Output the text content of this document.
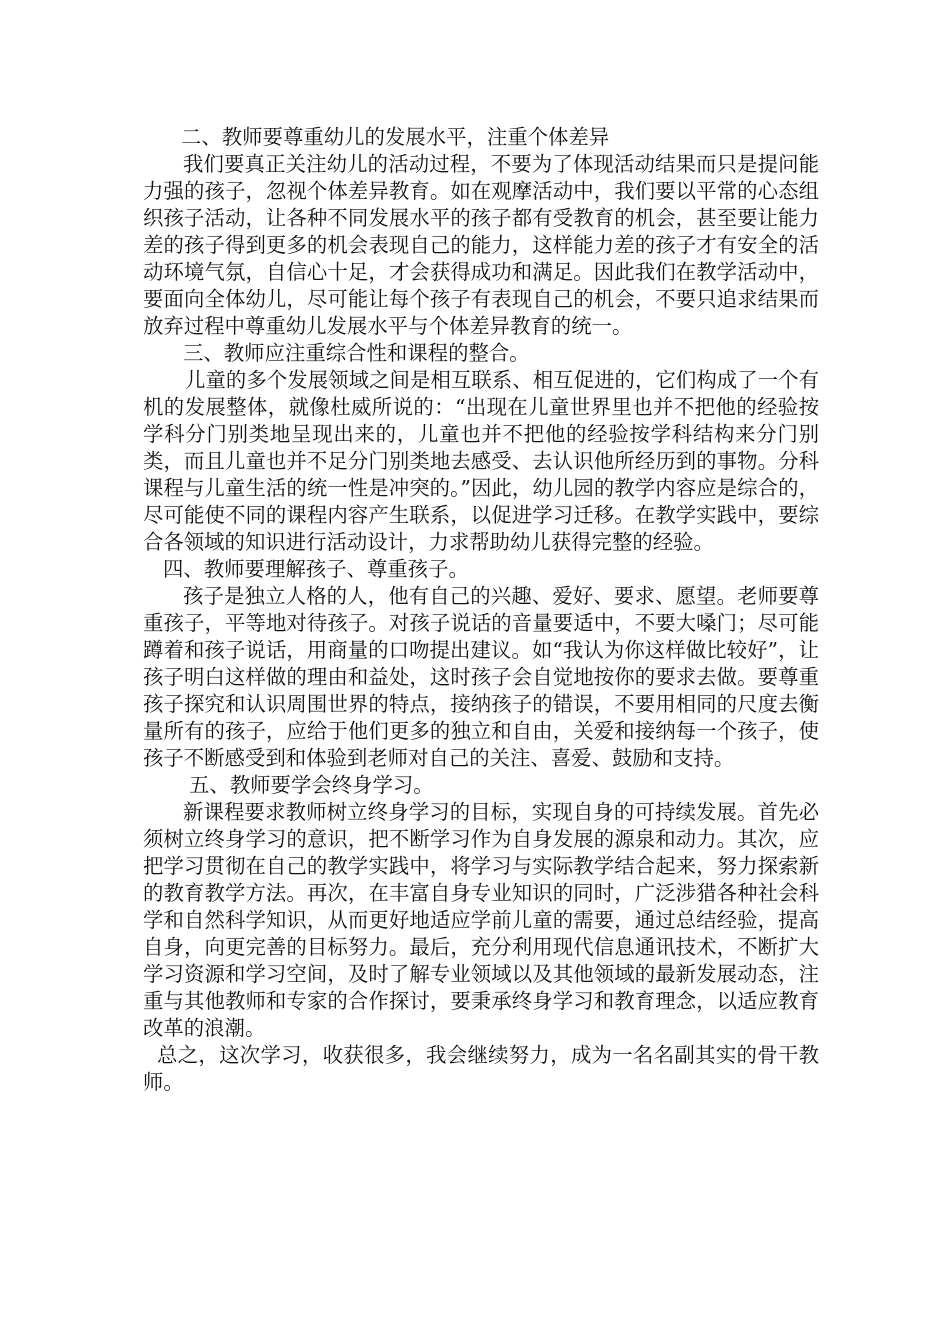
二、教师要尊重幼儿的发展水平，注重个体差异

我们要真正关注幼儿的活动过程，不要为了体现活动结果而只是提问能力强的孩子，忽视个体差异教育。如在观摩活动中，我们要以平常的心态组织孩子活动，让各种不同发展水平的孩子都有受教育的机会，甚至要让能力差的孩子得到更多的机会表现自己的能力，这样能力差的孩子才有安全的活动环境气氛，自信心十足，才会获得成功和满足。因此我们在教学活动中，要面向全体幼儿，尽可能让每个孩子有表现自己的机会，不要只追求结果而放弃过程中尊重幼儿发展水平与个体差异教育的统一。

三、教师应注重综合性和课程的整合。

儿童的多个发展领域之间是相互联系、相互促进的，它们构成了一个有机的发展整体，就像杜威所说的：“出现在儿童世界里也并不把他的经验按学科分门别类地呈现出来的，儿童也并不把他的经验按学科结构来分门别类，而且儿童也并不足分门别类地去感受、去认识他所经历到的事物。分科课程与儿童生活的统一性是冲突的。”因此，幼儿园的教学内容应是综合的，尽可能使不同的课程内容产生联系，以促进学习迁移。在教学实践中，要综合各领域的知识进行活动设计，力求帮助幼儿获得完整的经验。

四、教师要理解孩子、尊重孩子。

孩子是独立人格的人，他有自己的兴趣、爱好、要求、愿望。老师要尊重孩子，平等地对待孩子。对孩子说话的音量要适中，不要大嗓门；尽可能蹲着和孩子说话，用商量的口吻提出建议。如“我认为你这样做比较好”，让孩子明白这样做的理由和益处，这时孩子会自觉地按你的要求去做。要尊重孩子探究和认识周围世界的特点，接纳孩子的错误，不要用相同的尺度去衡量所有的孩子，应给于他们更多的独立和自由，关爱和接纳每一个孩子，使孩子不断感受到和体验到老师对自己的关注、喜爱、鼓励和支持。

五、教师要学会终身学习。

新课程要求教师树立终身学习的目标，实现自身的可持续发展。首先必须树立终身学习的意识，把不断学习作为自身发展的源泉和动力。其次，应把学习贯彻在自己的教学实践中，将学习与实际教学结合起来，努力探索新的教育教学方法。再次，在丰富自身专业知识的同时，广泛涉猎各种社会科学和自然科学知识，从而更好地适应学前儿童的需要，通过总结经验，提高自身，向更完善的目标努力。最后，充分利用现代信息通讯技术，不断扩大学习资源和学习空间，及时了解专业领域以及其他领域的最新发展动态，注重与其他教师和专家的合作探讨，要秉承终身学习和教育理念，以适应教育改革的浪潮。

总之，这次学习，收获很多，我会继续努力，成为一名名副其实的骨干教师。
